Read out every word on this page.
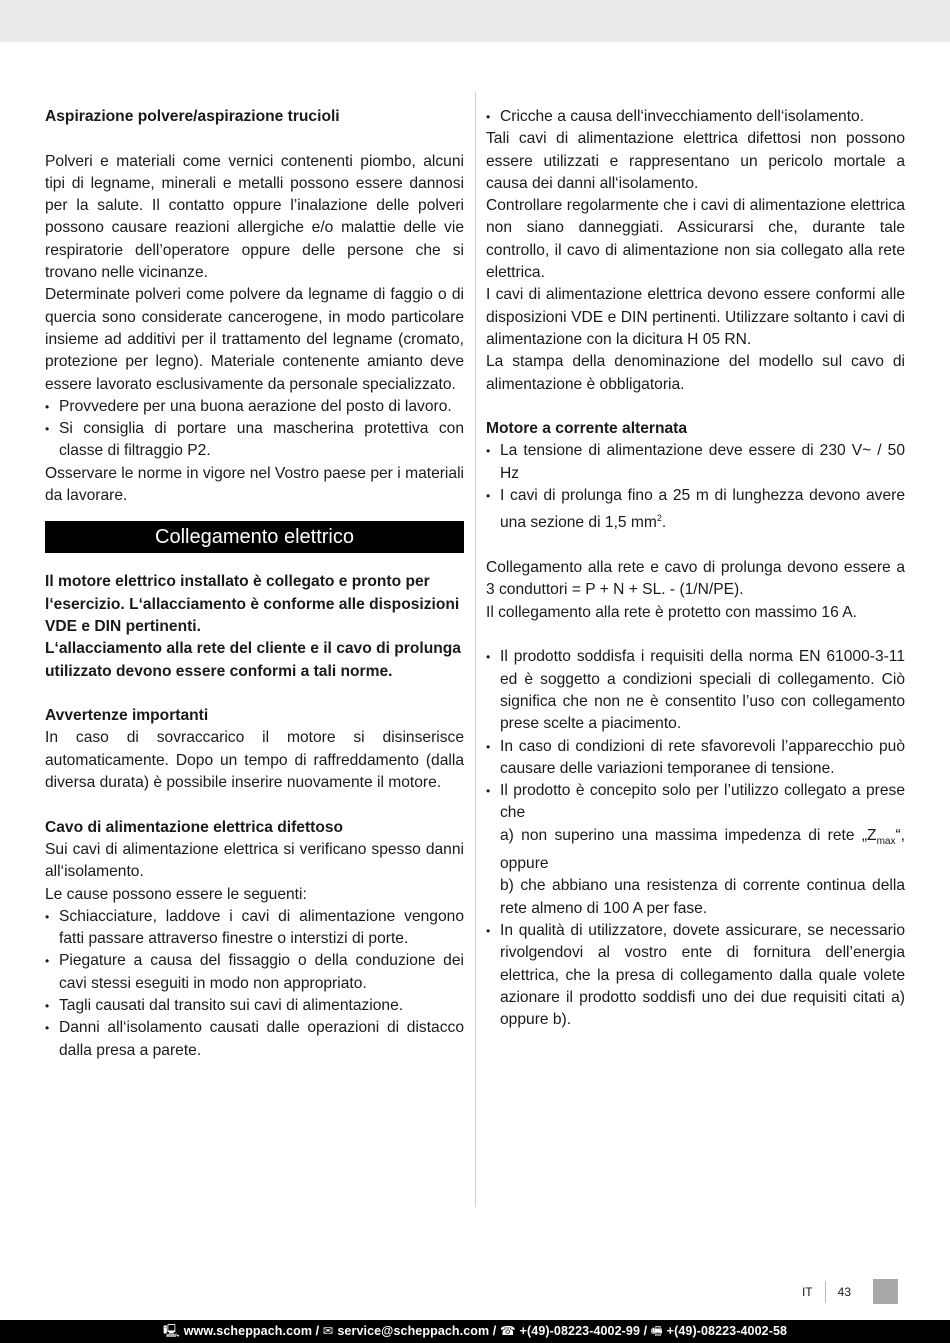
Aspirazione polvere/aspirazione trucioli

Polveri e materiali come vernici contenenti piombo, alcuni tipi di legname, minerali e metalli possono essere dannosi per la salute. Il contatto oppure l’inalazione delle polveri possono causare reazioni allergiche e/o malattie delle vie respiratorie dell’operatore oppure delle persone che si trovano nelle vicinanze.

Determinate polveri come polvere da legname di faggio o di quercia sono considerate cancerogene, in modo particolare insieme ad additivi per il trattamento del legname (cromato, protezione per legno). Materiale contenente amianto deve essere lavorato esclusivamente da personale specializzato.

• Provvedere per una buona aerazione del posto di lavoro.
• Si consiglia di portare una mascherina protettiva con classe di filtraggio P2.

Osservare le norme in vigore nel Vostro paese per i materiali da lavorare.

Collegamento elettrico

Il motore elettrico installato è collegato e pronto per l‘esercizio. L‘allacciamento è conforme alle disposizioni VDE e DIN pertinenti.

L‘allacciamento alla rete del cliente e il cavo di prolunga utilizzato devono essere conformi a tali norme.

Avvertenze importanti

In caso di sovraccarico il motore si disinserisce automaticamente. Dopo un tempo di raffreddamento (dalla diversa durata) è possibile inserire nuovamente il motore.

Cavo di alimentazione elettrica difettoso

Sui cavi di alimentazione elettrica si verificano spesso danni all‘isolamento.

Le cause possono essere le seguenti:

• Schiacciature, laddove i cavi di alimentazione vengono fatti passare attraverso finestre o interstizi di porte.
• Piegature a causa del fissaggio o della conduzione dei cavi stessi eseguiti in modo non appropriato.
• Tagli causati dal transito sui cavi di alimentazione.
• Danni all‘isolamento causati dalle operazioni di distacco dalla presa a parete.
• Cricche a causa dell‘invecchiamento dell‘isolamento.

Tali cavi di alimentazione elettrica difettosi non possono essere utilizzati e rappresentano un pericolo mortale a causa dei danni all‘isolamento.

Controllare regolarmente che i cavi di alimentazione elettrica non siano danneggiati. Assicurarsi che, durante tale controllo, il cavo di alimentazione non sia collegato alla rete elettrica.

I cavi di alimentazione elettrica devono essere conformi alle disposizioni VDE e DIN pertinenti. Utilizzare soltanto i cavi di alimentazione con la dicitura H 05 RN.

La stampa della denominazione del modello sul cavo di alimentazione è obbligatoria.

Motore a corrente alternata

• La tensione di alimentazione deve essere di 230 V~ / 50 Hz
• I cavi di prolunga fino a 25 m di lunghezza devono avere una sezione di 1,5 $mm^2$.

Collegamento alla rete e cavo di prolunga devono essere a 3 conduttori = P + N + SL. - (1/N/PE).

Il collegamento alla rete è protetto con massimo 16 A.

• Il prodotto soddisfa i requisiti della norma EN 61000-3-11 ed è soggetto a condizioni speciali di collegamento. Ciò significa che non ne è consentito l’uso con collegamento prese scelte a piacimento.
• In caso di condizioni di rete sfavorevoli l’apparecchio può causare delle variazioni temporanee di tensione.
• Il prodotto è concepito solo per l’utilizzo collegato a prese che
a) non superino una massima impedenza di rete $„Z_{max}“$, oppure
b) che abbiano una resistenza di corrente continua della rete almeno di 100 A per fase.
• In qualità di utilizzatore, dovete assicurare, se necessario rivolgendovi al vostro ente di fornitura dell’energia elettrica, che la presa di collegamento dalla quale volete azionare il prodotto soddisfi uno dei due requisiti citati a) oppure b).
IT	43
🖳 www.scheppach.com / ✉ service@scheppach.com / ☎ +(49)-08223-4002-99 / 🖷 +(49)-08223-4002-58
